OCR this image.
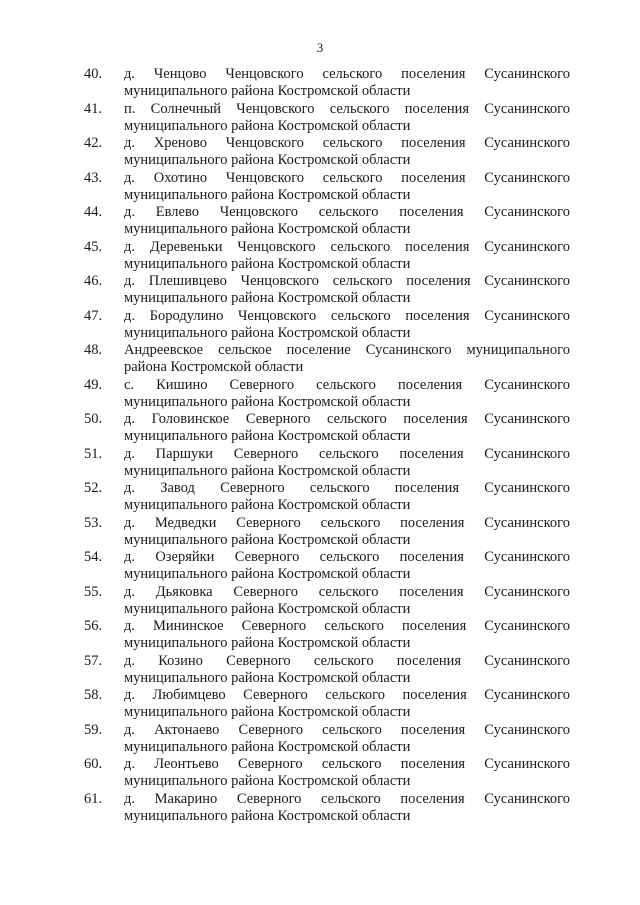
3
40.	д. Ченцово Ченцовского сельского поселения Сусанинского
муниципального района Костромской области
41.	п. Солнечный Ченцовского сельского поселения Сусанинского
муниципального района Костромской области
42.	д. Хреново Ченцовского сельского поселения Сусанинского
муниципального района Костромской области
43.	д. Охотино Ченцовского сельского поселения Сусанинского
муниципального района Костромской области
44.	д. Евлево Ченцовского сельского поселения Сусанинского
муниципального района Костромской области
45.	д. Деревеньки Ченцовского сельского поселения Сусанинского
муниципального района Костромской области
46.	д. Плешивцево Ченцовского сельского поселения Сусанинского
муниципального района Костромской области
47.	д. Бородулино Ченцовского сельского поселения Сусанинского
муниципального района Костромской области
48.	Андреевское сельское поселение Сусанинского муниципального
района Костромской области
49.	с. Кишино Северного сельского поселения Сусанинского
муниципального района Костромской области
50.	д. Головинское Северного сельского поселения Сусанинского
муниципального района Костромской области
51.	д. Паршуки Северного сельского поселения Сусанинского
муниципального района Костромской области
52.	д. Завод Северного сельского поселения Сусанинского
муниципального района Костромской области
53.	д. Медведки Северного сельского поселения Сусанинского
муниципального района Костромской области
54.	д. Озеряйки Северного сельского поселения Сусанинского
муниципального района Костромской области
55.	д. Дьяковка Северного сельского поселения Сусанинского
муниципального района Костромской области
56.	д. Мининское Северного сельского поселения Сусанинского
муниципального района Костромской области
57.	д. Козино Северного сельского поселения Сусанинского
муниципального района Костромской области
58.	д. Любимцево Северного сельского поселения Сусанинского
муниципального района Костромской области
59.	д. Актонаево Северного сельского поселения Сусанинского
муниципального района Костромской области
60.	д. Леонтьево Северного сельского поселения Сусанинского
муниципального района Костромской области
61.	д. Макарино Северного сельского поселения Сусанинского
муниципального района Костромской области
